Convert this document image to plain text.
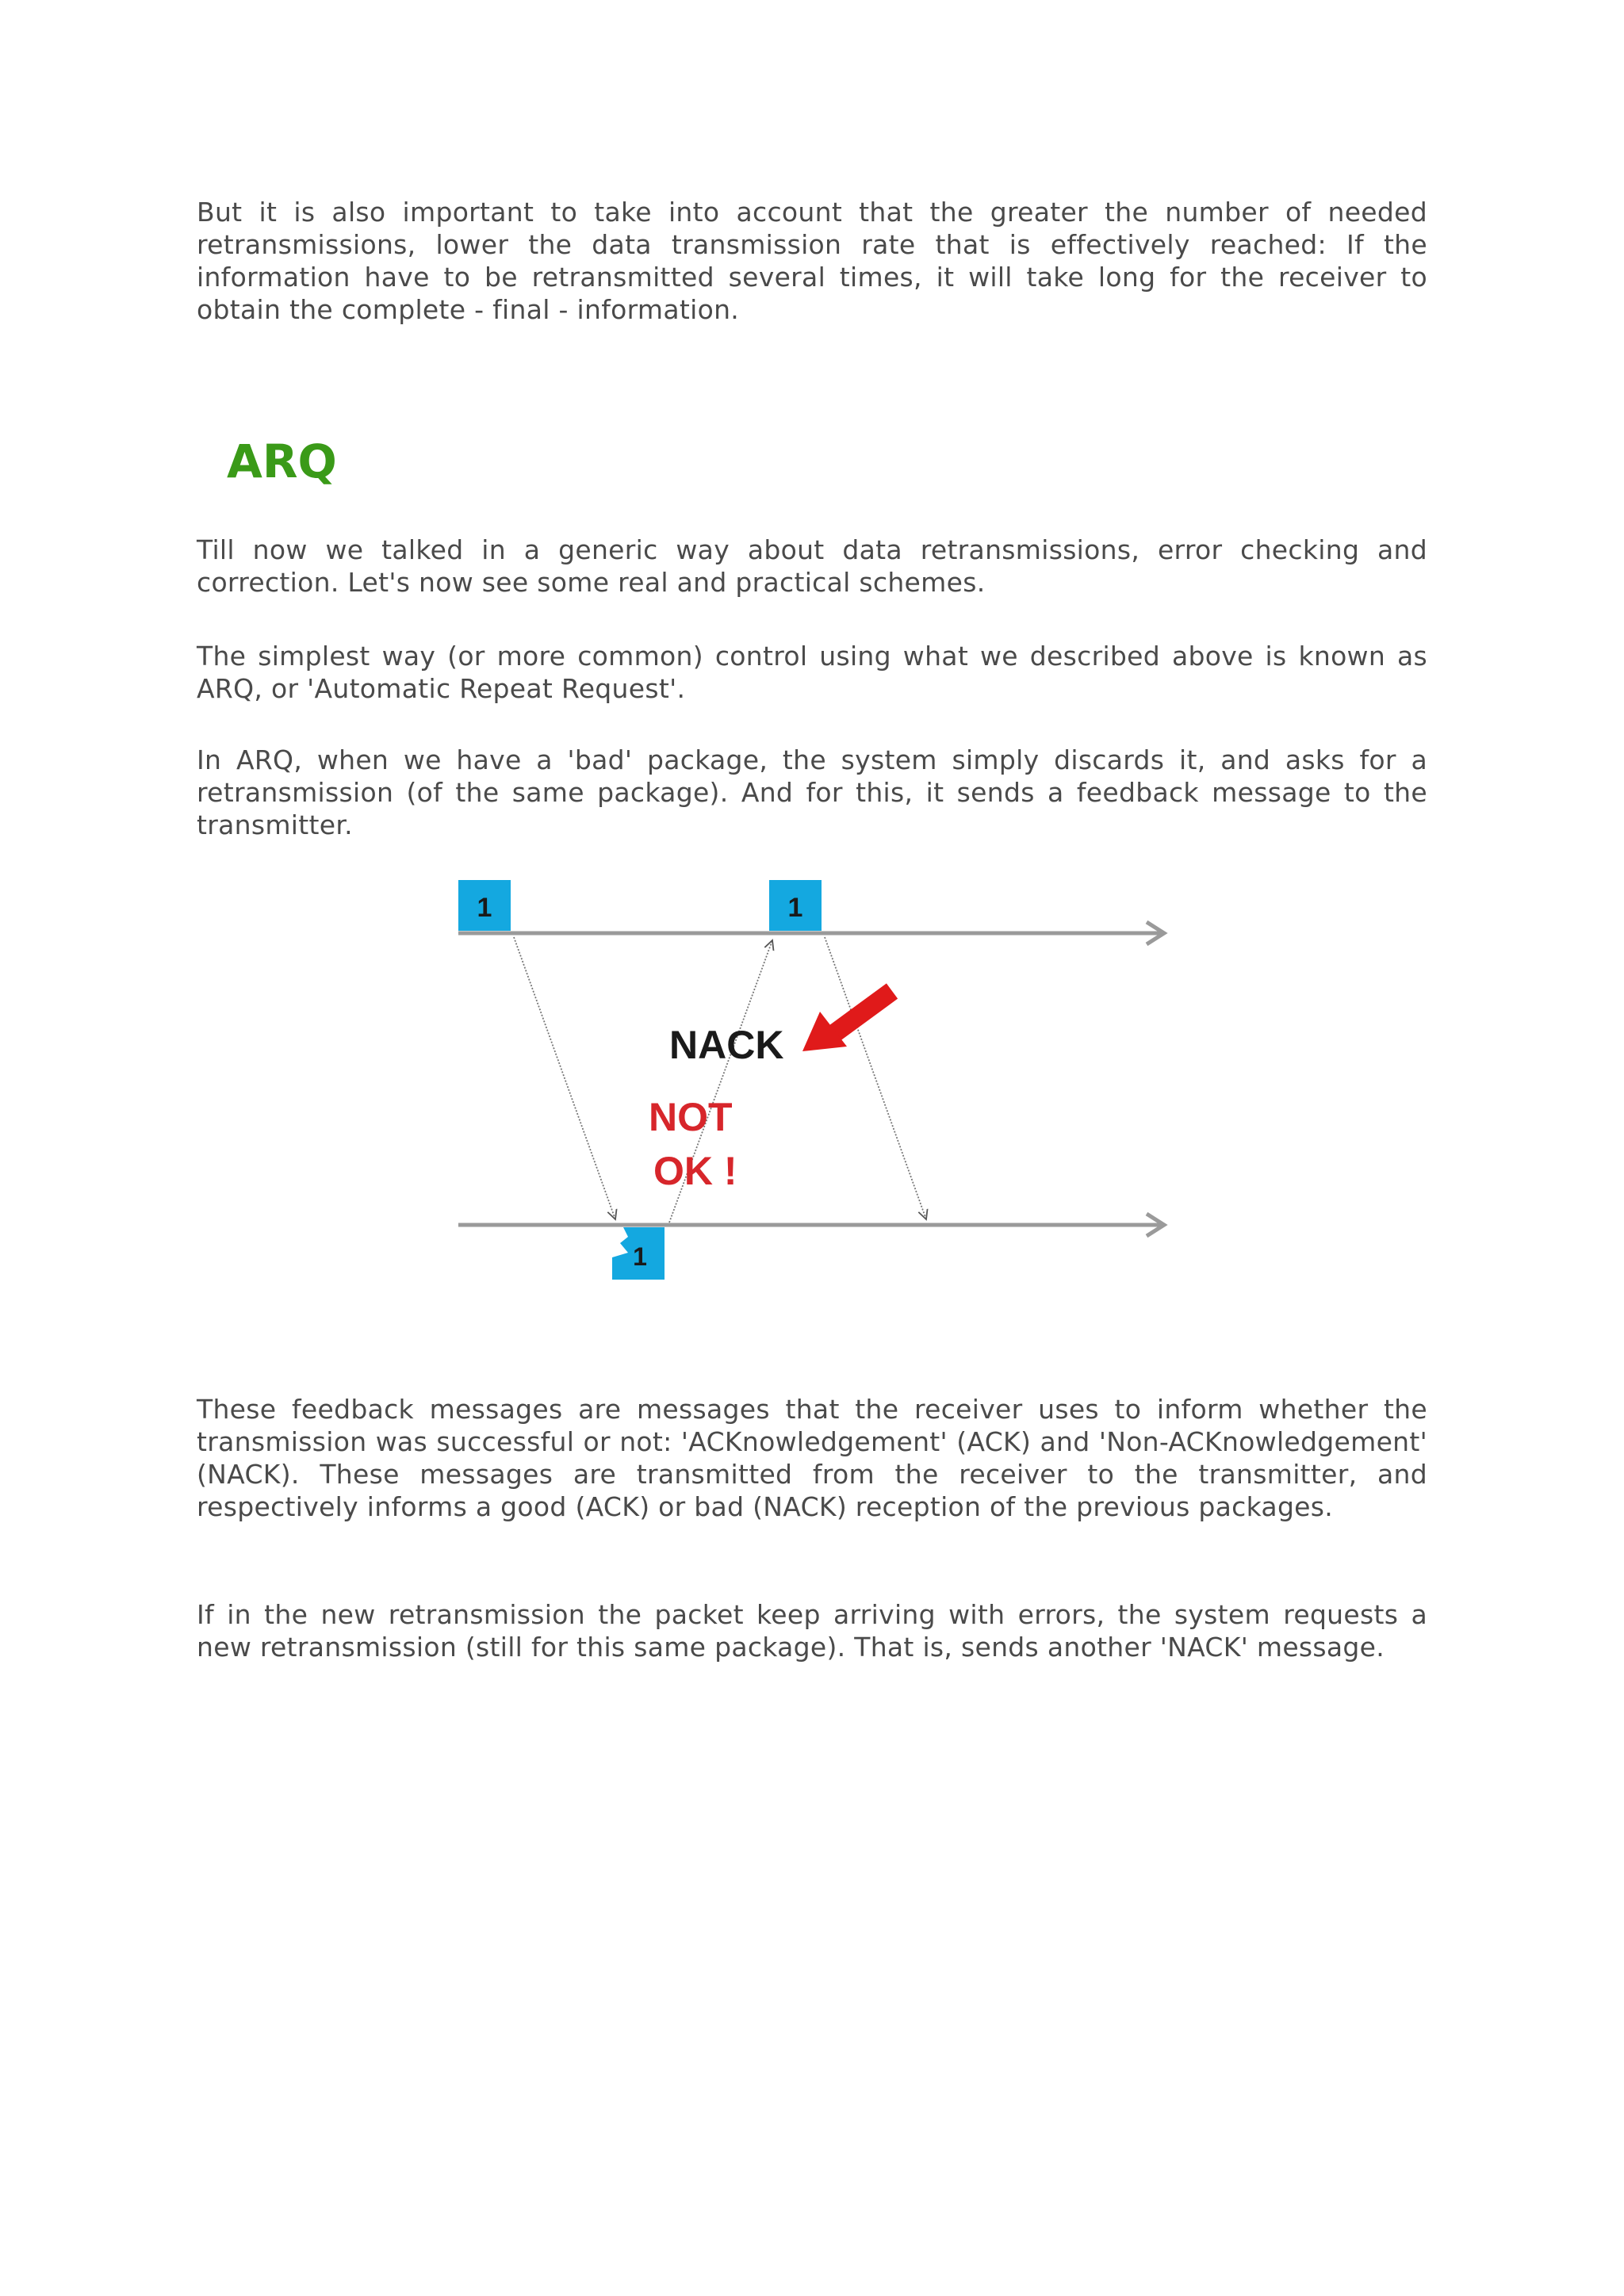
But it is also important to take into account that the greater the number of needed retransmissions, lower the data transmission rate that is effectively reached: If the information have to be retransmitted several times, it will take long for the receiver to obtain the complete - final - information.

ARQ

Till now we talked in a generic way about data retransmissions, error checking and correction. Let's now see some real and practical schemes.

The simplest way (or more common) control using what we described above is known as ARQ, or 'Automatic Repeat Request'.

In ARQ, when we have a 'bad' package, the system simply discards it, and asks for a retransmission (of the same package). And for this, it sends a feedback message to the transmitter.

1	1
1
NACK
NOT
OK !

These feedback messages are messages that the receiver uses to inform whether the transmission was successful or not: 'ACKnowledgement' (ACK) and 'Non-ACKnowledgement' (NACK). These messages are transmitted from the receiver to the transmitter, and respectively informs a good (ACK) or bad (NACK) reception of the previous packages.

If in the new retransmission the packet keep arriving with errors, the system requests a new retransmission (still for this same package). That is, sends another 'NACK' message.
